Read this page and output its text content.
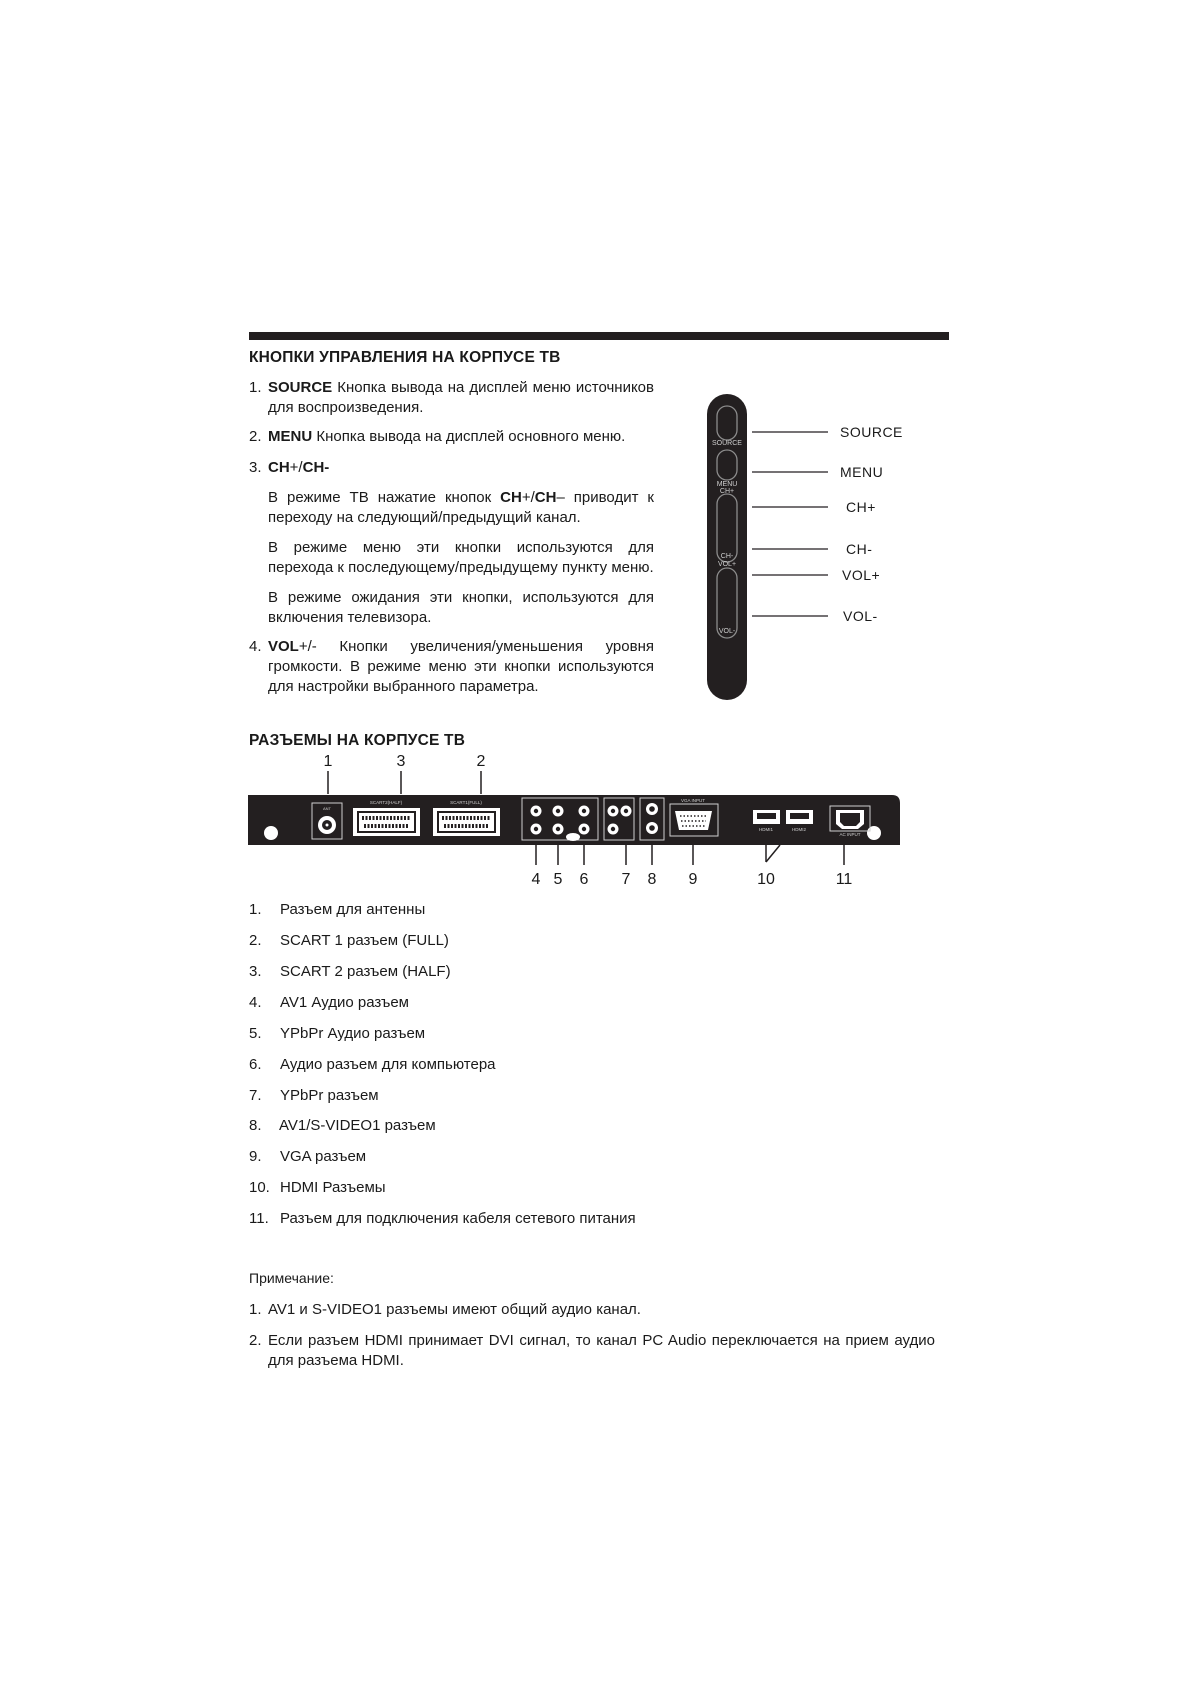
КНОПКИ УПРАВЛЕНИЯ НА КОРПУСЕ ТВ
1. SOURCE Кнопка вывода на дисплей меню источников для воспроизведения.
2. MENU Кнопка вывода на дисплей основного меню.
3. CH+/CH-
В режиме ТВ нажатие кнопок CH+/CH– приводит к переходу на следующий/предыдущий канал.
В режиме меню эти кнопки используются для перехода к последующему/предыдущему пункту меню.
В режиме ожидания эти кнопки, используются для включения телевизора.
4. VOL+/- Кнопки увеличения/уменьшения уровня громкости. В режиме меню эти кнопки используются для настройки выбранного параметра.
SOURCE
MENU
CH+
CH-
VOL+
VOL-
SOURCE
MENU
CH+
CH-
VOL+
VOL-
РАЗЪЕМЫ НА КОРПУСЕ ТВ
1	3	2
ANT
SCART2(HALF)	SCART1(FULL)	VGA INPUT
HDMI1	HDMI2
AC INPUT
4 5 6 7 8 9	10	11
1. Разъем для антенны
2. SCART 1 разъем (FULL)
3. SCART 2 разъем (HALF)
4. AV1 Аудио разъем
5. YPbPr Аудио разъем
6. Аудио разъем для компьютера
7. YPbPr разъем
8. AV1/S-VIDEO1 разъем
9. VGA разъем
10. HDMI Разъемы
11. Разъем для подключения кабеля сетевого питания
Примечание:
1. AV1 и S-VIDEO1 разъемы имеют общий аудио канал.
2. Если разъем HDMI принимает DVI сигнал, то канал PC Audio переключается на прием аудио для разъема HDMI.
